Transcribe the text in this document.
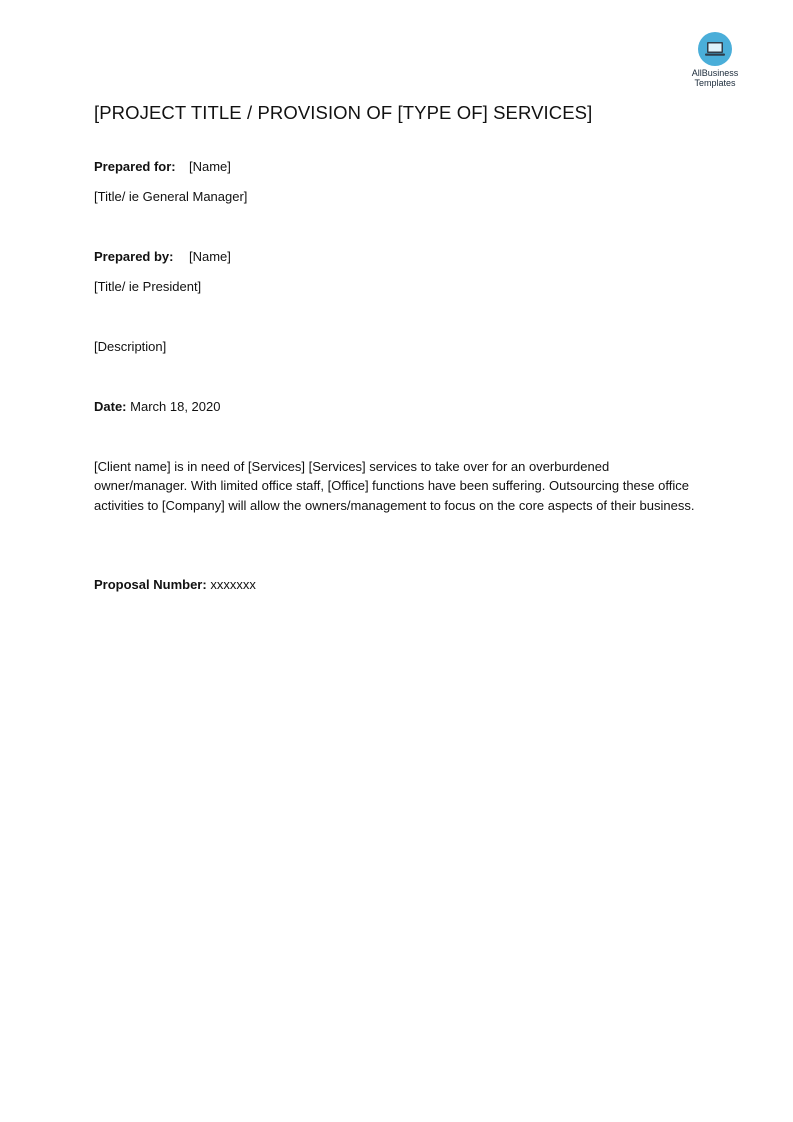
AllBusiness
Templates
[PROJECT TITLE / PROVISION OF [TYPE OF] SERVICES]
Prepared for: [Name]
[Title/ ie General Manager]
Prepared by: [Name]
[Title/ ie President]
[Description]
Date: March 18, 2020
[Client name] is in need of [Services] [Services] services to take over for an overburdened owner/manager. With limited office staff, [Office] functions have been suffering. Outsourcing these office activities to [Company] will allow the owners/management to focus on the core aspects of their business.
Proposal Number: xxxxxxx
